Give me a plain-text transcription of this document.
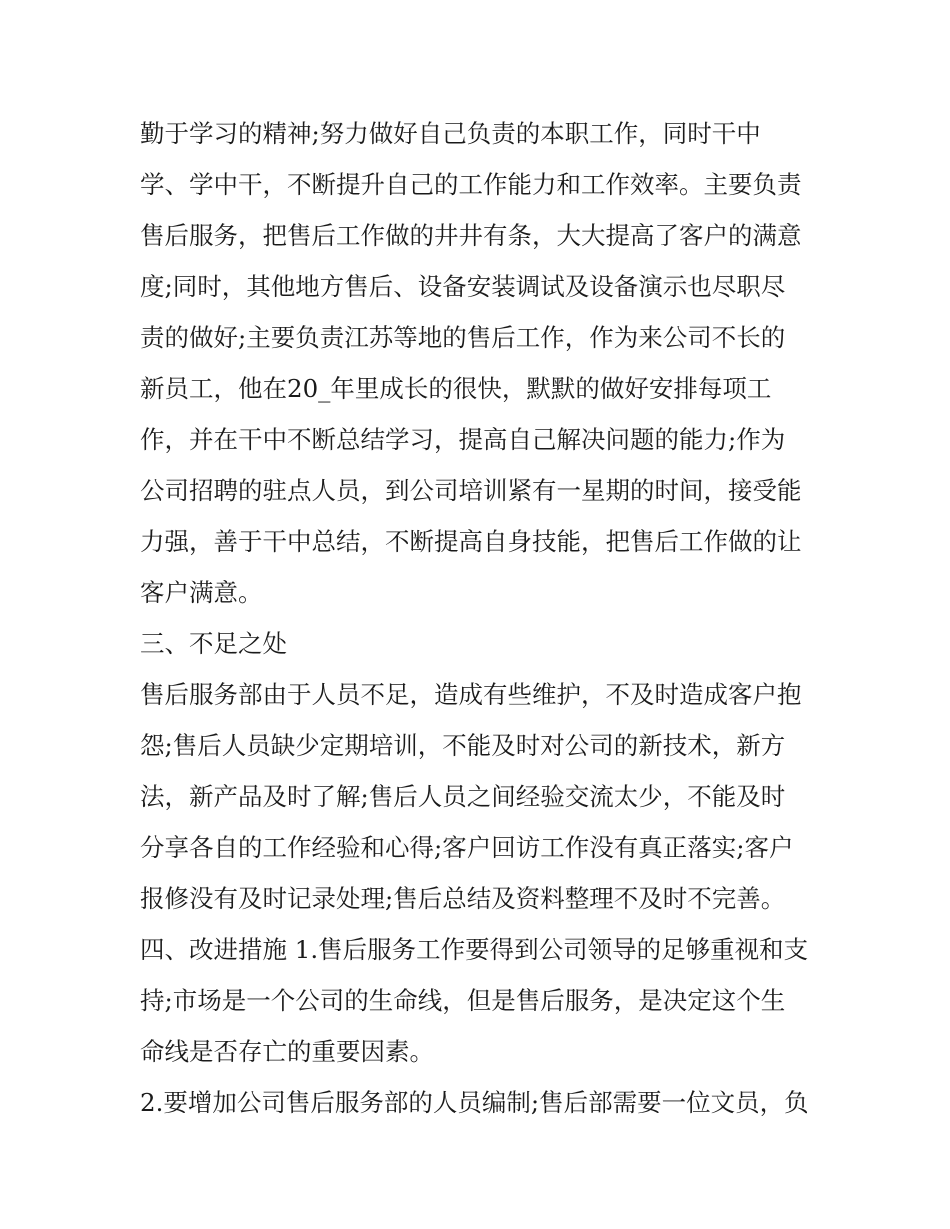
勤于学习的精神;努力做好自己负责的本职工作，同时干中
学、学中干，不断提升自己的工作能力和工作效率。主要负责
售后服务，把售后工作做的井井有条，大大提高了客户的满意
度;同时，其他地方售后、设备安装调试及设备演示也尽职尽
责的做好;主要负责江苏等地的售后工作，作为来公司不长的
新员工，他在20_年里成长的很快，默默的做好安排每项工
作，并在干中不断总结学习，提高自己解决问题的能力;作为
公司招聘的驻点人员，到公司培训紧有一星期的时间，接受能
力强，善于干中总结，不断提高自身技能，把售后工作做的让
客户满意。
三、不足之处
售后服务部由于人员不足，造成有些维护，不及时造成客户抱
怨;售后人员缺少定期培训，不能及时对公司的新技术，新方
法，新产品及时了解;售后人员之间经验交流太少，不能及时
分享各自的工作经验和心得;客户回访工作没有真正落实;客户
报修没有及时记录处理;售后总结及资料整理不及时不完善。
四、改进措施 1.售后服务工作要得到公司领导的足够重视和支
持;市场是一个公司的生命线，但是售后服务，是决定这个生
命线是否存亡的重要因素。
2.要增加公司售后服务部的人员编制;售后部需要一位文员，负
